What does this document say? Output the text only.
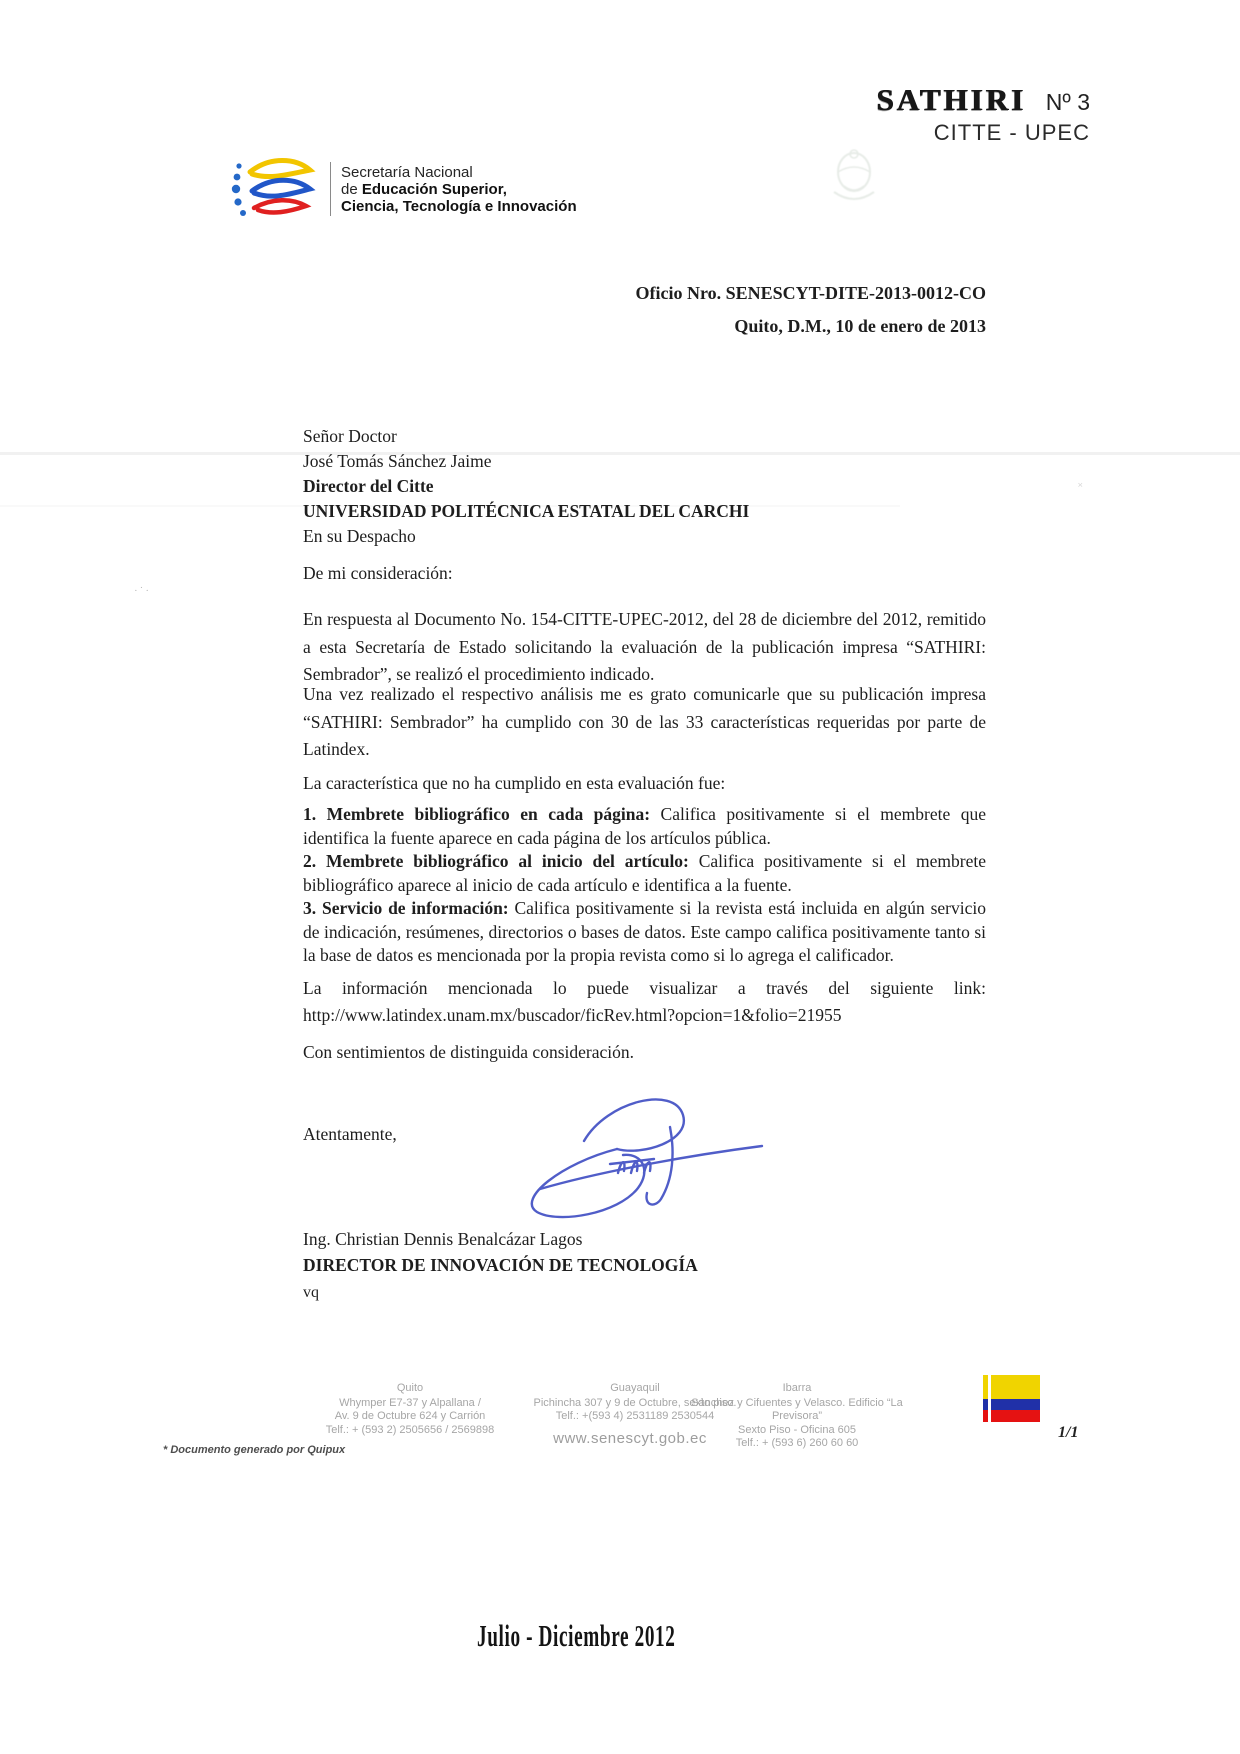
·˙·
˟
SATHIRI Nº 3
CITTE - UPEC
Secretaría Nacional
de Educación Superior,
Ciencia, Tecnología e Innovación
Oficio Nro. SENESCYT-DITE-2013-0012-CO
Quito, D.M., 10 de enero de 2013
Señor Doctor
José Tomás Sánchez Jaime
Director del Citte
UNIVERSIDAD POLITÉCNICA ESTATAL DEL CARCHI
En su Despacho
De mi consideración:
En respuesta al Documento No. 154-CITTE-UPEC-2012, del 28 de diciembre del 2012, remitido a esta Secretaría de Estado solicitando la evaluación de la publicación impresa “SATHIRI: Sembrador”, se realizó el procedimiento indicado.
Una vez realizado el respectivo análisis me es grato comunicarle que su publicación impresa “SATHIRI: Sembrador” ha cumplido con 30 de las 33 características requeridas por parte de Latindex.
La característica que no ha cumplido en esta evaluación fue:

1. Membrete bibliográfico en cada página: Califica positivamente si el membrete que identifica la fuente aparece en cada página de los artículos pública.

2. Membrete bibliográfico al inicio del artículo: Califica positivamente si el membrete bibliográfico aparece al inicio de cada artículo e identifica a la fuente.

3. Servicio de información: Califica positivamente si la revista está incluida en algún servicio de indicación, resúmenes, directorios o bases de datos. Este campo califica positivamente tanto si la base de datos es mencionada por la propia revista como si lo agrega el calificador.

La información mencionada lo puede visualizar a través del siguiente link:
http://www.latindex.unam.mx/buscador/ficRev.html?opcion=1&folio=21955
Con sentimientos de distinguida consideración.
Atentamente,
Ing. Christian Dennis Benalcázar Lagos
DIRECTOR DE INNOVACIÓN DE TECNOLOGÍA
vq
Quito
Whymper E7-37 y Alpallana /
Av. 9 de Octubre 624 y Carrión
Telf.: + (593 2) 2505656 / 2569898
Guayaquil
Pichincha 307 y 9 de Octubre, sexto piso.
Telf.: +(593 4) 2531189 2530544
Ibarra
Sánchez y Cifuentes y Velasco. Edificio “La Previsora”
Sexto Piso - Oficina 605
Telf.: + (593 6) 260 60 60
www.senescyt.gob.ec	1/1
* Documento generado por Quipux
Julio - Diciembre 2012
